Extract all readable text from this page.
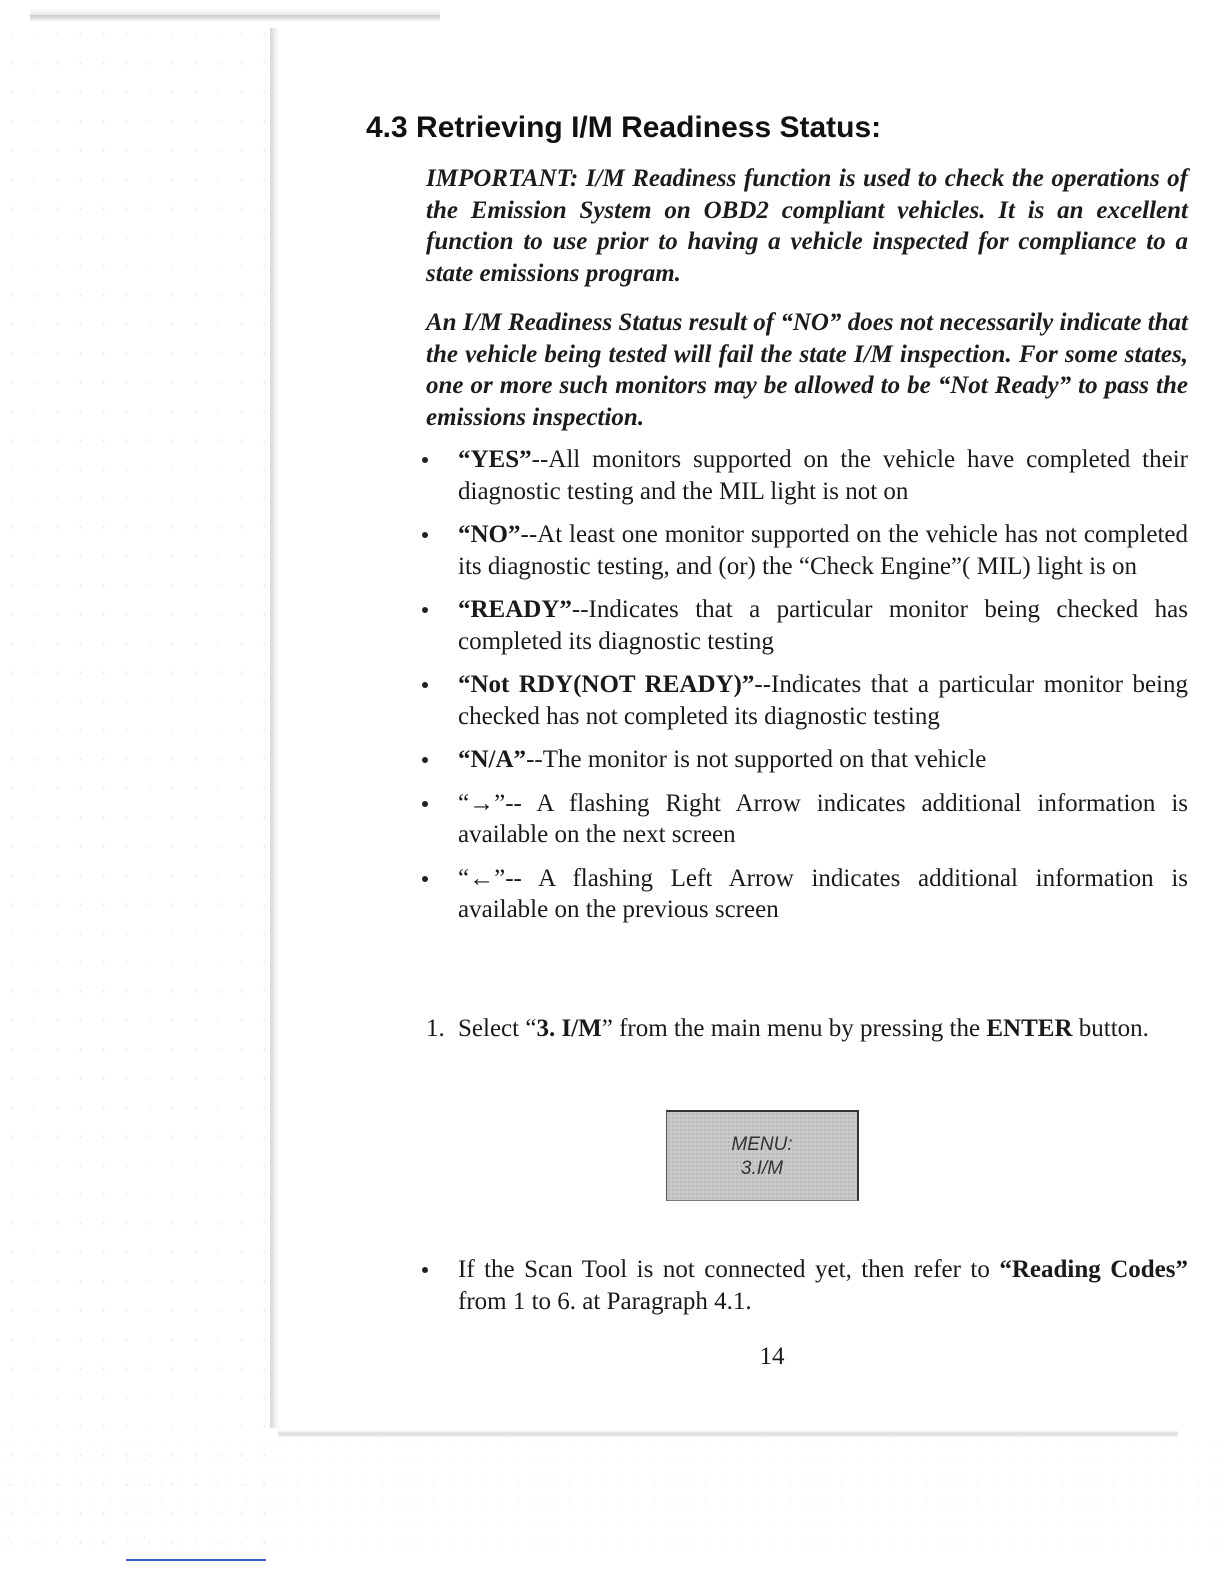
4.3 Retrieving I/M Readiness Status:
IMPORTANT: I/M Readiness function is used to check the operations of the Emission System on OBD2 compliant vehicles. It is an excellent function to use prior to having a vehicle inspected for compliance to a state emissions program.
An I/M Readiness Status result of “NO” does not necessarily indicate that the vehicle being tested will fail the state I/M inspection. For some states, one or more such monitors may be allowed to be “Not Ready” to pass the emissions inspection.
“YES”--All monitors supported on the vehicle have completed their diagnostic testing and the MIL light is not on
“NO”--At least one monitor supported on the vehicle has not completed its diagnostic testing, and (or) the “Check Engine”( MIL) light is on
“READY”--Indicates that a particular monitor being checked has completed its diagnostic testing
“Not RDY(NOT READY)”--Indicates that a particular monitor being checked has not completed its diagnostic testing
“N/A”--The monitor is not supported on that vehicle
“→”-- A flashing Right Arrow indicates additional information is available on the next screen
“←”-- A flashing Left Arrow indicates additional information is available on the previous screen
1. Select “3. I/M” from the main menu by pressing the ENTER button.
MENU:
3.I/M
If the Scan Tool is not connected yet, then refer to “Reading Codes” from 1 to 6. at Paragraph 4.1.
14
